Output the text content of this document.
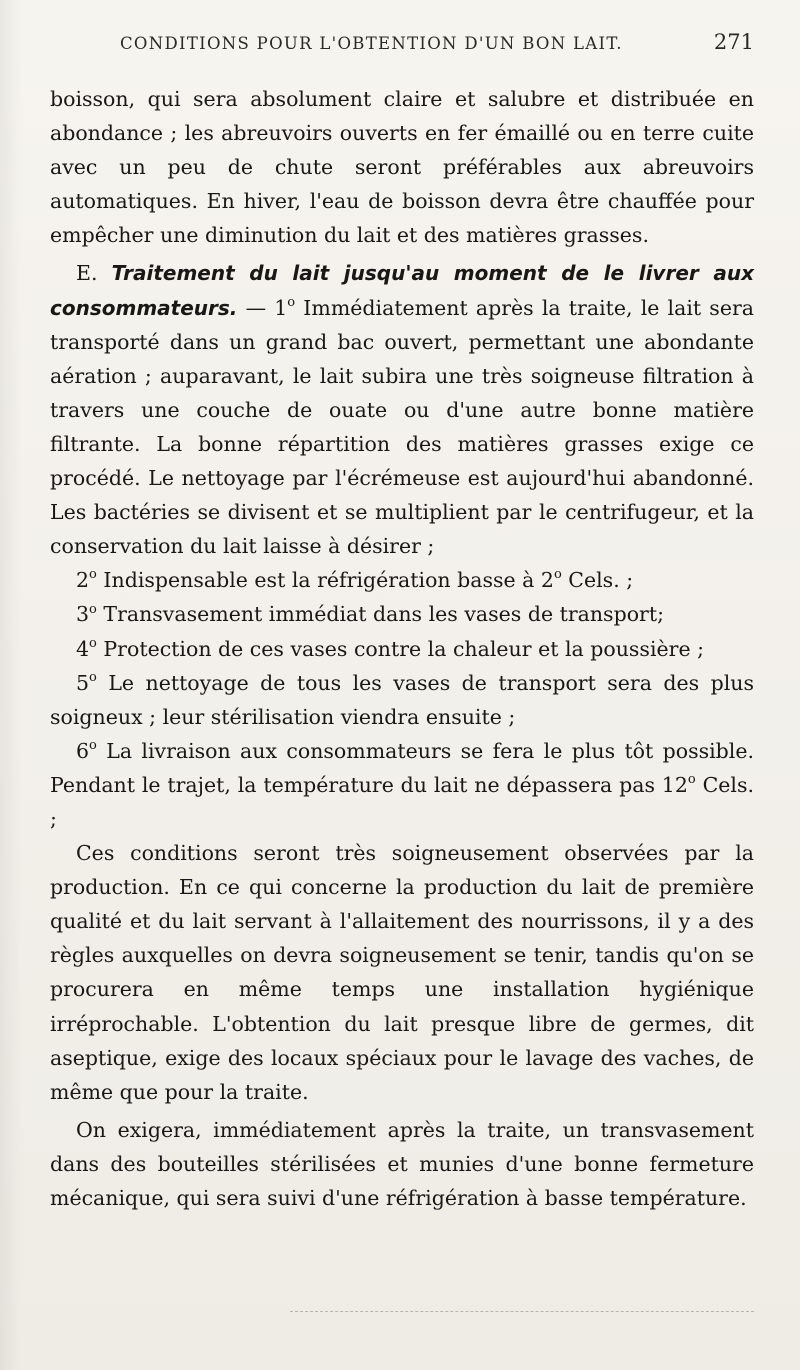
CONDITIONS POUR L'OBTENTION D'UN BON LAIT.	271

boisson, qui sera absolument claire et salubre et distribuée en abondance ; les abreuvoirs ouverts en fer émaillé ou en terre cuite avec un peu de chute seront préférables aux abreuvoirs automatiques. En hiver, l'eau de boisson devra être chauffée pour empêcher une diminution du lait et des matières grasses.

E. Traitement du lait jusqu'au moment de le livrer aux consommateurs. — 1$^o$ Immédiatement après la traite, le lait sera transporté dans un grand bac ouvert, permettant une abondante aération ; auparavant, le lait subira une très soigneuse filtration à travers une couche de ouate ou d'une autre bonne matière filtrante. La bonne répartition des matières grasses exige ce procédé. Le nettoyage par l'écrémeuse est aujourd'hui abandonné. Les bactéries se divisent et se multiplient par le centrifugeur, et la conservation du lait laisse à désirer ;

2$^o$ Indispensable est la réfrigération basse à 2$^o$ Cels. ;

3$^o$ Transvasement immédiat dans les vases de transport;

4$^o$ Protection de ces vases contre la chaleur et la poussière ;

5$^o$ Le nettoyage de tous les vases de transport sera des plus soigneux ; leur stérilisation viendra ensuite ;

6$^o$ La livraison aux consommateurs se fera le plus tôt possible. Pendant le trajet, la température du lait ne dépassera pas 12$^o$ Cels. ;

Ces conditions seront très soigneusement observées par la production. En ce qui concerne la production du lait de première qualité et du lait servant à l'allaitement des nourrissons, il y a des règles auxquelles on devra soigneusement se tenir, tandis qu'on se procurera en même temps une installation hygiénique irréprochable. L'obtention du lait presque libre de germes, dit aseptique, exige des locaux spéciaux pour le lavage des vaches, de même que pour la traite.

On exigera, immédiatement après la traite, un transvasement dans des bouteilles stérilisées et munies d'une bonne fermeture mécanique, qui sera suivi d'une réfrigération à basse température.
